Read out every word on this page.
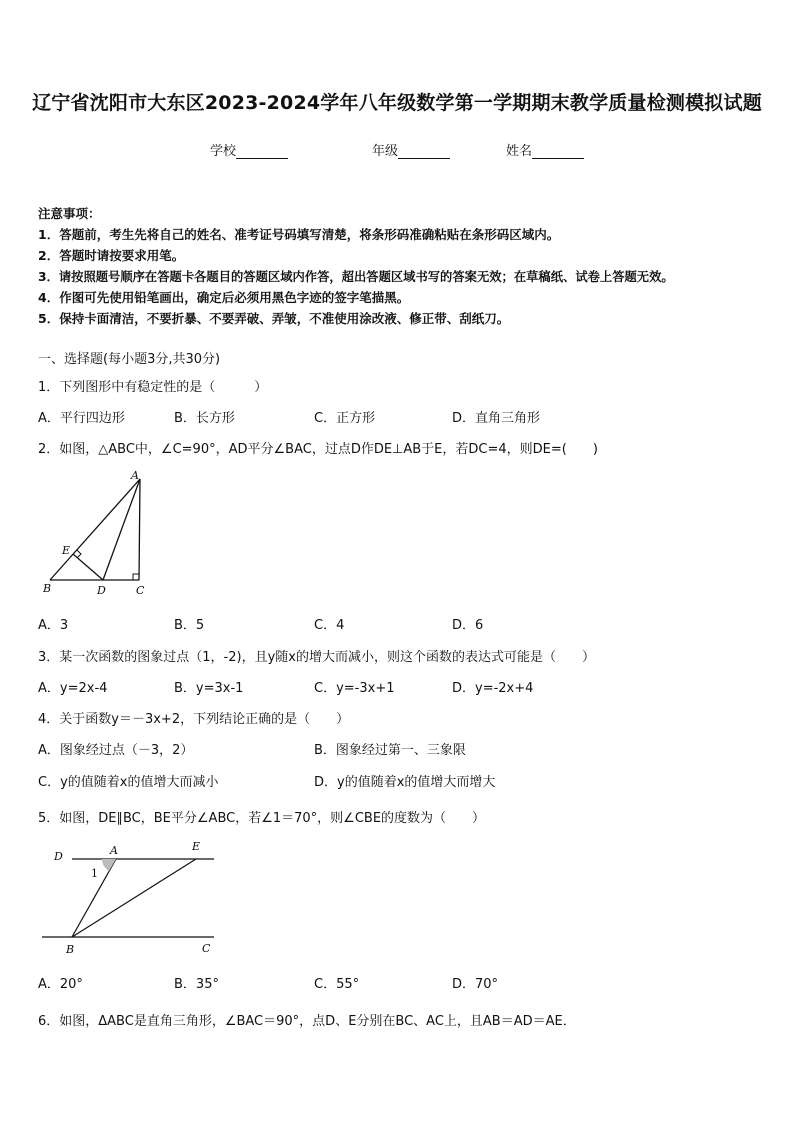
辽宁省沈阳市大东区2023-2024学年八年级数学第一学期期末教学质量检测模拟试题
学校	年级	姓名
注意事项：
1．答题前，考生先将自己的姓名、准考证号码填写清楚，将条形码准确粘贴在条形码区域内。
2．答题时请按要求用笔。
3．请按照题号顺序在答题卡各题目的答题区域内作答，超出答题区域书写的答案无效；在草稿纸、试卷上答题无效。
4．作图可先使用铅笔画出，确定后必须用黑色字迹的签字笔描黑。
5．保持卡面清洁，不要折暴、不要弄破、弄皱，不准使用涂改液、修正带、刮纸刀。
一、选择题(每小题3分,共30分)
1．下列图形中有稳定性的是（　　　）
A．平行四边形	B．长方形	C．正方形	D．直角三角形
2．如图，△ABC中，∠C=90°，AD平分∠BAC，过点D作DE⊥AB于E，若DC=4，则DE=(　　)
A
E
B	D	C
A．3	B．5	C．4	D．6
3．某一次函数的图象过点（1，-2)，且y随x的增大而减小，则这个函数的表达式可能是（　　）
A．y=2x-4	B．y=3x-1	C．y=-3x+1	D．y=-2x+4
4．关于函数y＝－3x+2，下列结论正确的是（　　）
A．图象经过点（－3，2）	B．图象经过第一、三象限
C．y的值随着x的值增大而减小	D．y的值随着x的值增大而增大
5．如图，DE∥BC，BE平分∠ABC，若∠1＝70°，则∠CBE的度数为（　　）
D	A	E
1
B	C
A．20°	B．35°	C．55°	D．70°
6．如图，ΔABC是直角三角形，∠BAC＝90°，点D、E分别在BC、AC上，且AB＝AD＝AE．
